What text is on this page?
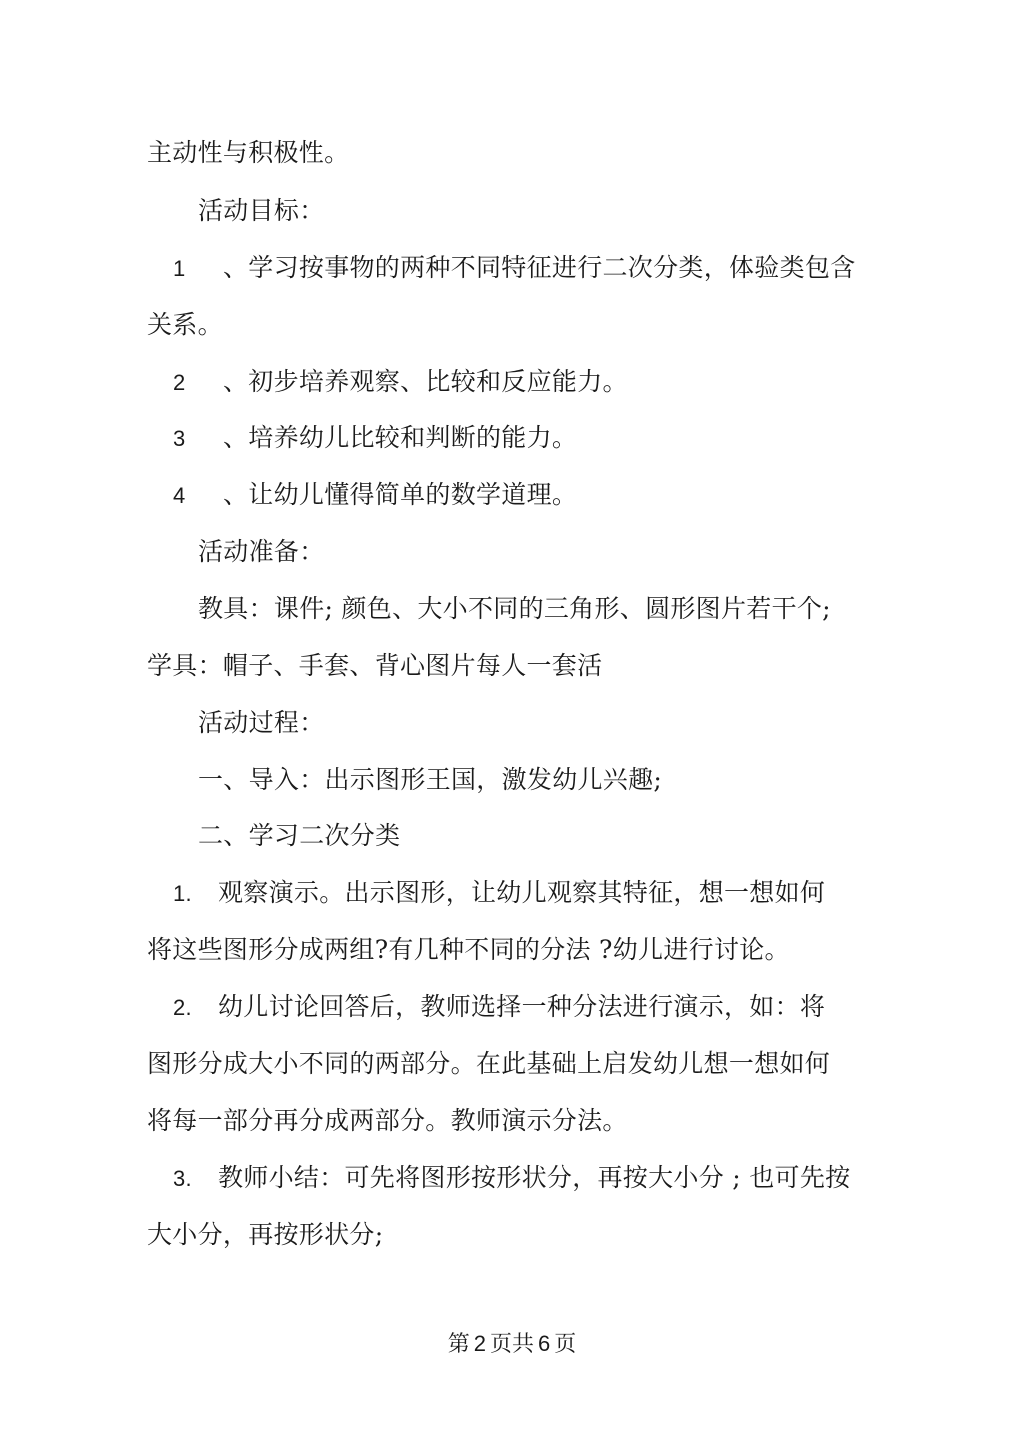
主动性与积极性。
活动目标：
1 、学习按事物的两种不同特征进行二次分类，体验类包含
关系。
2 、初步培养观察、比较和反应能力。
3 、培养幼儿比较和判断的能力。
4 、让幼儿懂得简单的数学道理。
活动准备：
教具：课件; 颜色、大小不同的三角形、圆形图片若干个;
学具：帽子、手套、背心图片每人一套活
活动过程：
一、导入：出示图形王国，激发幼儿兴趣;
二、学习二次分类
1. 观察演示。出示图形，让幼儿观察其特征，想一想如何
将这些图形分成两组?有几种不同的分法 ?幼儿进行讨论。
2. 幼儿讨论回答后，教师选择一种分法进行演示，如：将
图形分成大小不同的两部分。在此基础上启发幼儿想一想如何
将每一部分再分成两部分。教师演示分法。
3. 教师小结：可先将图形按形状分，再按大小分 ; 也可先按
大小分，再按形状分;
第 2 页共 6 页
